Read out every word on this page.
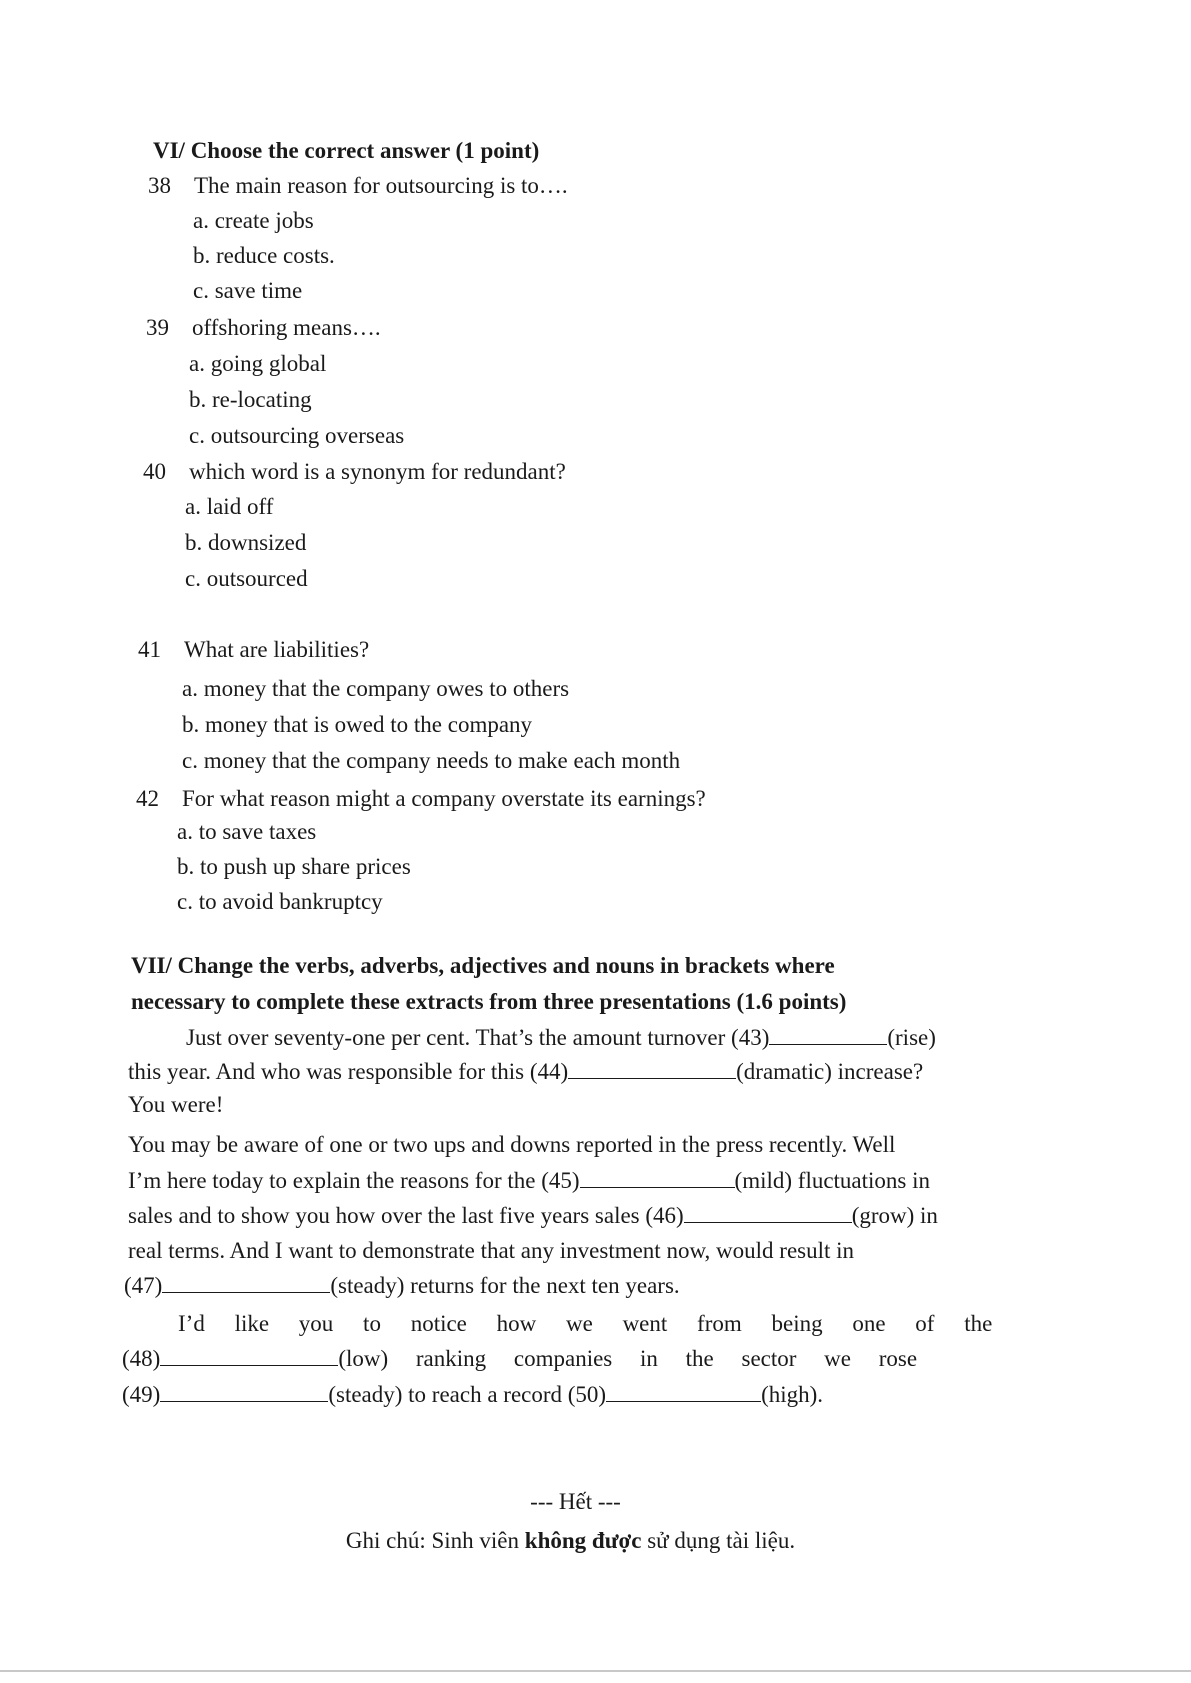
VI/ Choose the correct answer (1 point)
38 The main reason for outsourcing is to….
a. create jobs
b. reduce costs.
c. save time
39 offshoring means….
a. going global
b. re-locating
c. outsourcing overseas
40 which word is a synonym for redundant?
a. laid off
b. downsized
c. outsourced
41 What are liabilities?
a. money that the company owes to others
b. money that is owed to the company
c. money that the company needs to make each month
42 For what reason might a company overstate its earnings?
a. to save taxes
b. to push up share prices
c. to avoid bankruptcy
VII/ Change the verbs, adverbs, adjectives and nouns in brackets where
necessary to complete these extracts from three presentations (1.6 points)
Just over seventy-one per cent. That’s the amount turnover (43)	(rise)
this year. And who was responsible for this (44)	(dramatic) increase?
You were!
You may be aware of one or two ups and downs reported in the press recently. Well
I’m here today to explain the reasons for the (45)	(mild) fluctuations in
sales and to show you how over the last five years sales (46)	(grow) in
real terms. And I want to demonstrate that any investment now, would result in
(47)	(steady) returns for the next ten years.
I’d like you to notice how we went from being one of the
(48)	(low) ranking companies in the sector we rose
(49)	(steady) to reach a record (50)	(high).
--- Hết ---
Ghi chú: Sinh viên không được sử dụng tài liệu.
